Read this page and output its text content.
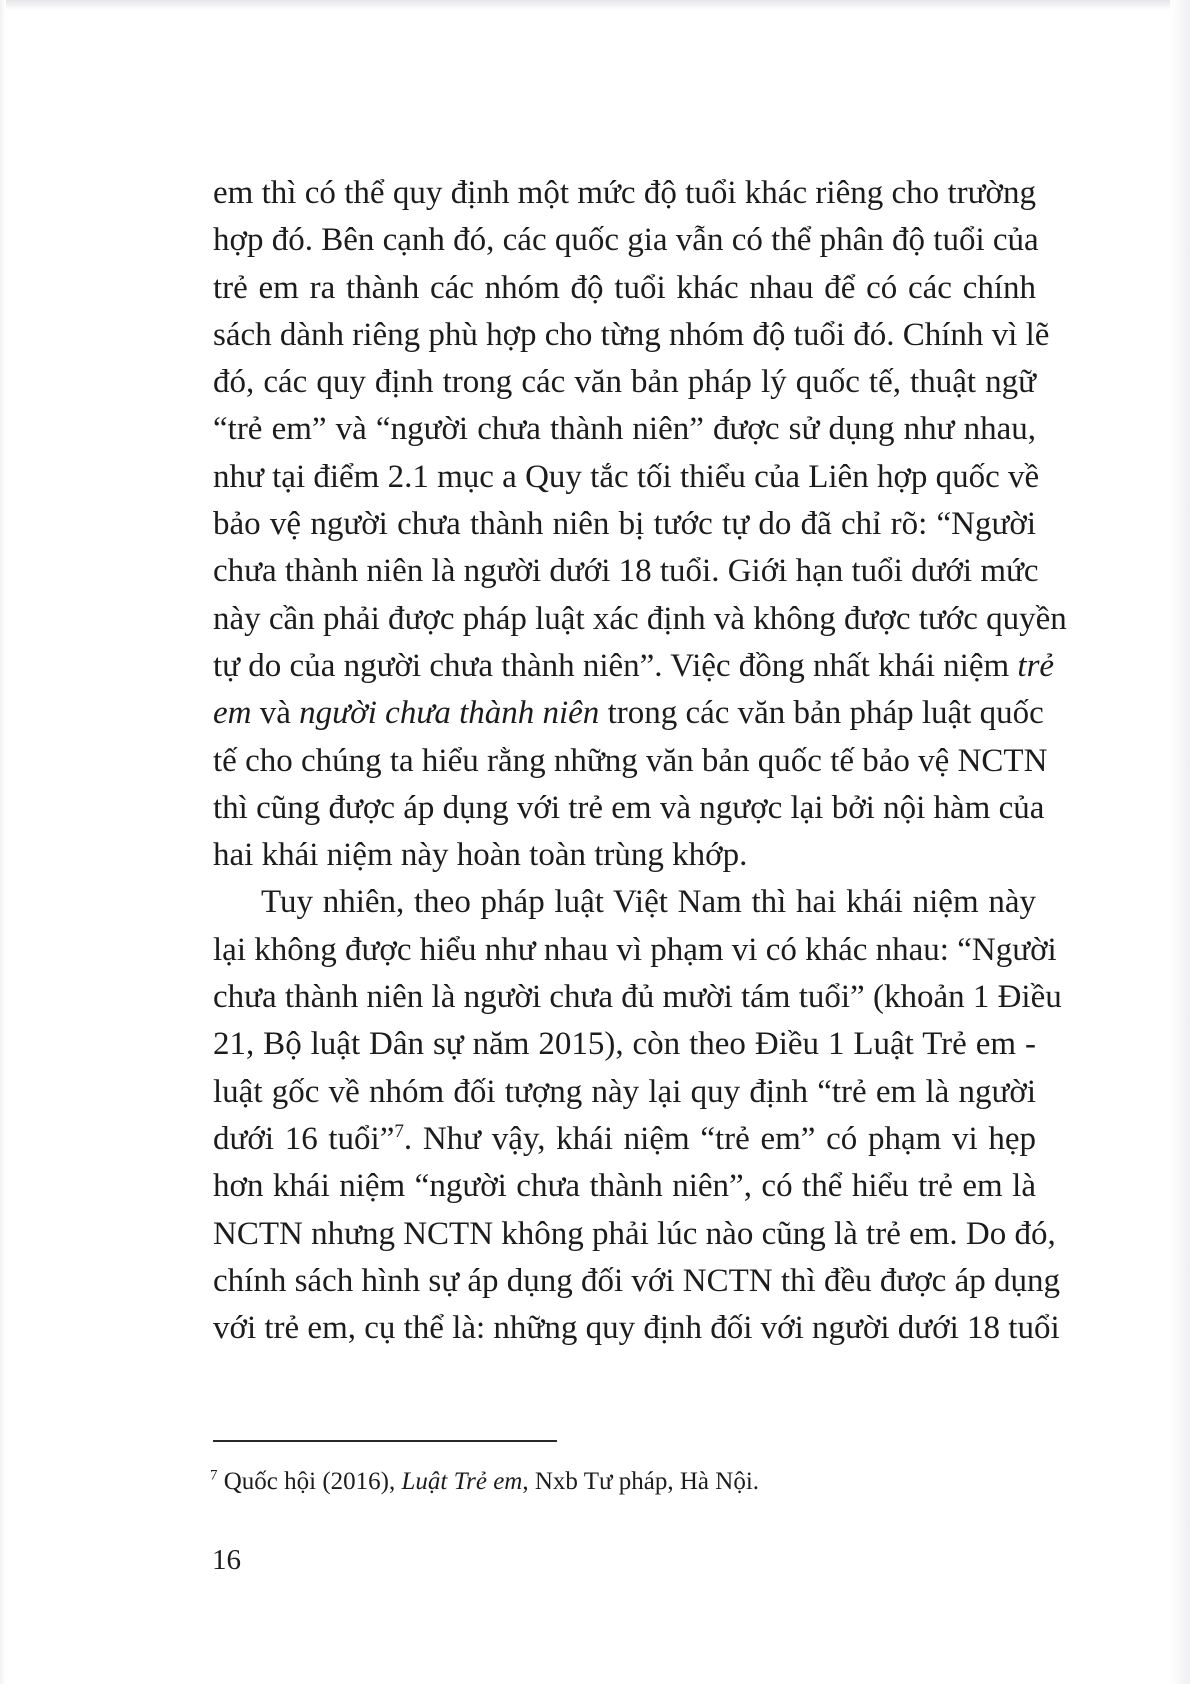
em thì có thể quy định một mức độ tuổi khác riêng cho trường
hợp đó. Bên cạnh đó, các quốc gia vẫn có thể phân độ tuổi của
trẻ em ra thành các nhóm độ tuổi khác nhau để có các chính
sách dành riêng phù hợp cho từng nhóm độ tuổi đó. Chính vì lẽ
đó, các quy định trong các văn bản pháp lý quốc tế, thuật ngữ
“trẻ em” và “người chưa thành niên” được sử dụng như nhau,
như tại điểm 2.1 mục a Quy tắc tối thiểu của Liên hợp quốc về
bảo vệ người chưa thành niên bị tước tự do đã chỉ rõ: “Người
chưa thành niên là người dưới 18 tuổi. Giới hạn tuổi dưới mức
này cần phải được pháp luật xác định và không được tước quyền
tự do của người chưa thành niên”. Việc đồng nhất khái niệm trẻ
em và người chưa thành niên trong các văn bản pháp luật quốc
tế cho chúng ta hiểu rằng những văn bản quốc tế bảo vệ NCTN
thì cũng được áp dụng với trẻ em và ngược lại bởi nội hàm của
hai khái niệm này hoàn toàn trùng khớp.

Tuy nhiên, theo pháp luật Việt Nam thì hai khái niệm này
lại không được hiểu như nhau vì phạm vi có khác nhau: “Người
chưa thành niên là người chưa đủ mười tám tuổi” (khoản 1 Điều
21, Bộ luật Dân sự năm 2015), còn theo Điều 1 Luật Trẻ em -
luật gốc về nhóm đối tượng này lại quy định “trẻ em là người
dưới 16 tuổi”$^7$. Như vậy, khái niệm “trẻ em” có phạm vi hẹp
hơn khái niệm “người chưa thành niên”, có thể hiểu trẻ em là
NCTN nhưng NCTN không phải lúc nào cũng là trẻ em. Do đó,
chính sách hình sự áp dụng đối với NCTN thì đều được áp dụng
với trẻ em, cụ thể là: những quy định đối với người dưới 18 tuổi

$^7$ Quốc hội (2016), Luật Trẻ em, Nxb Tư pháp, Hà Nội.
16
